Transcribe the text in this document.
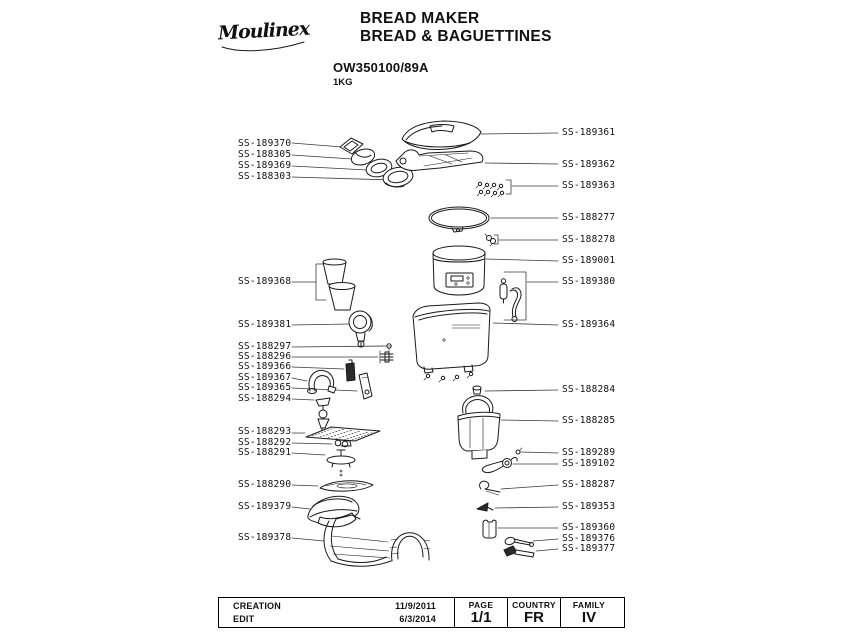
Moulinex	BREAD MAKER
BREAD & BAGUETTINES
OW350100/89A
1KG
SS-189370
SS-188305
SS-189369
SS-188303
SS-189368
SS-189381
SS-188297
SS-188296
SS-189366
SS-189367
SS-189365
SS-188294
SS-188293
SS-188292
SS-188291
SS-188290
SS-189379
SS-189378
SS-189361
SS-189362
SS-189363
SS-188277
SS-188278
SS-189001
SS-189380
SS-189364
SS-188284
SS-188285
SS-189289
SS-189102
SS-188287
SS-189353
SS-189360
SS-189376
SS-189377
CREATION	11/9/2011
EDIT	6/3/2014
PAGE
1/1
COUNTRY
FR
FAMILY
IV
